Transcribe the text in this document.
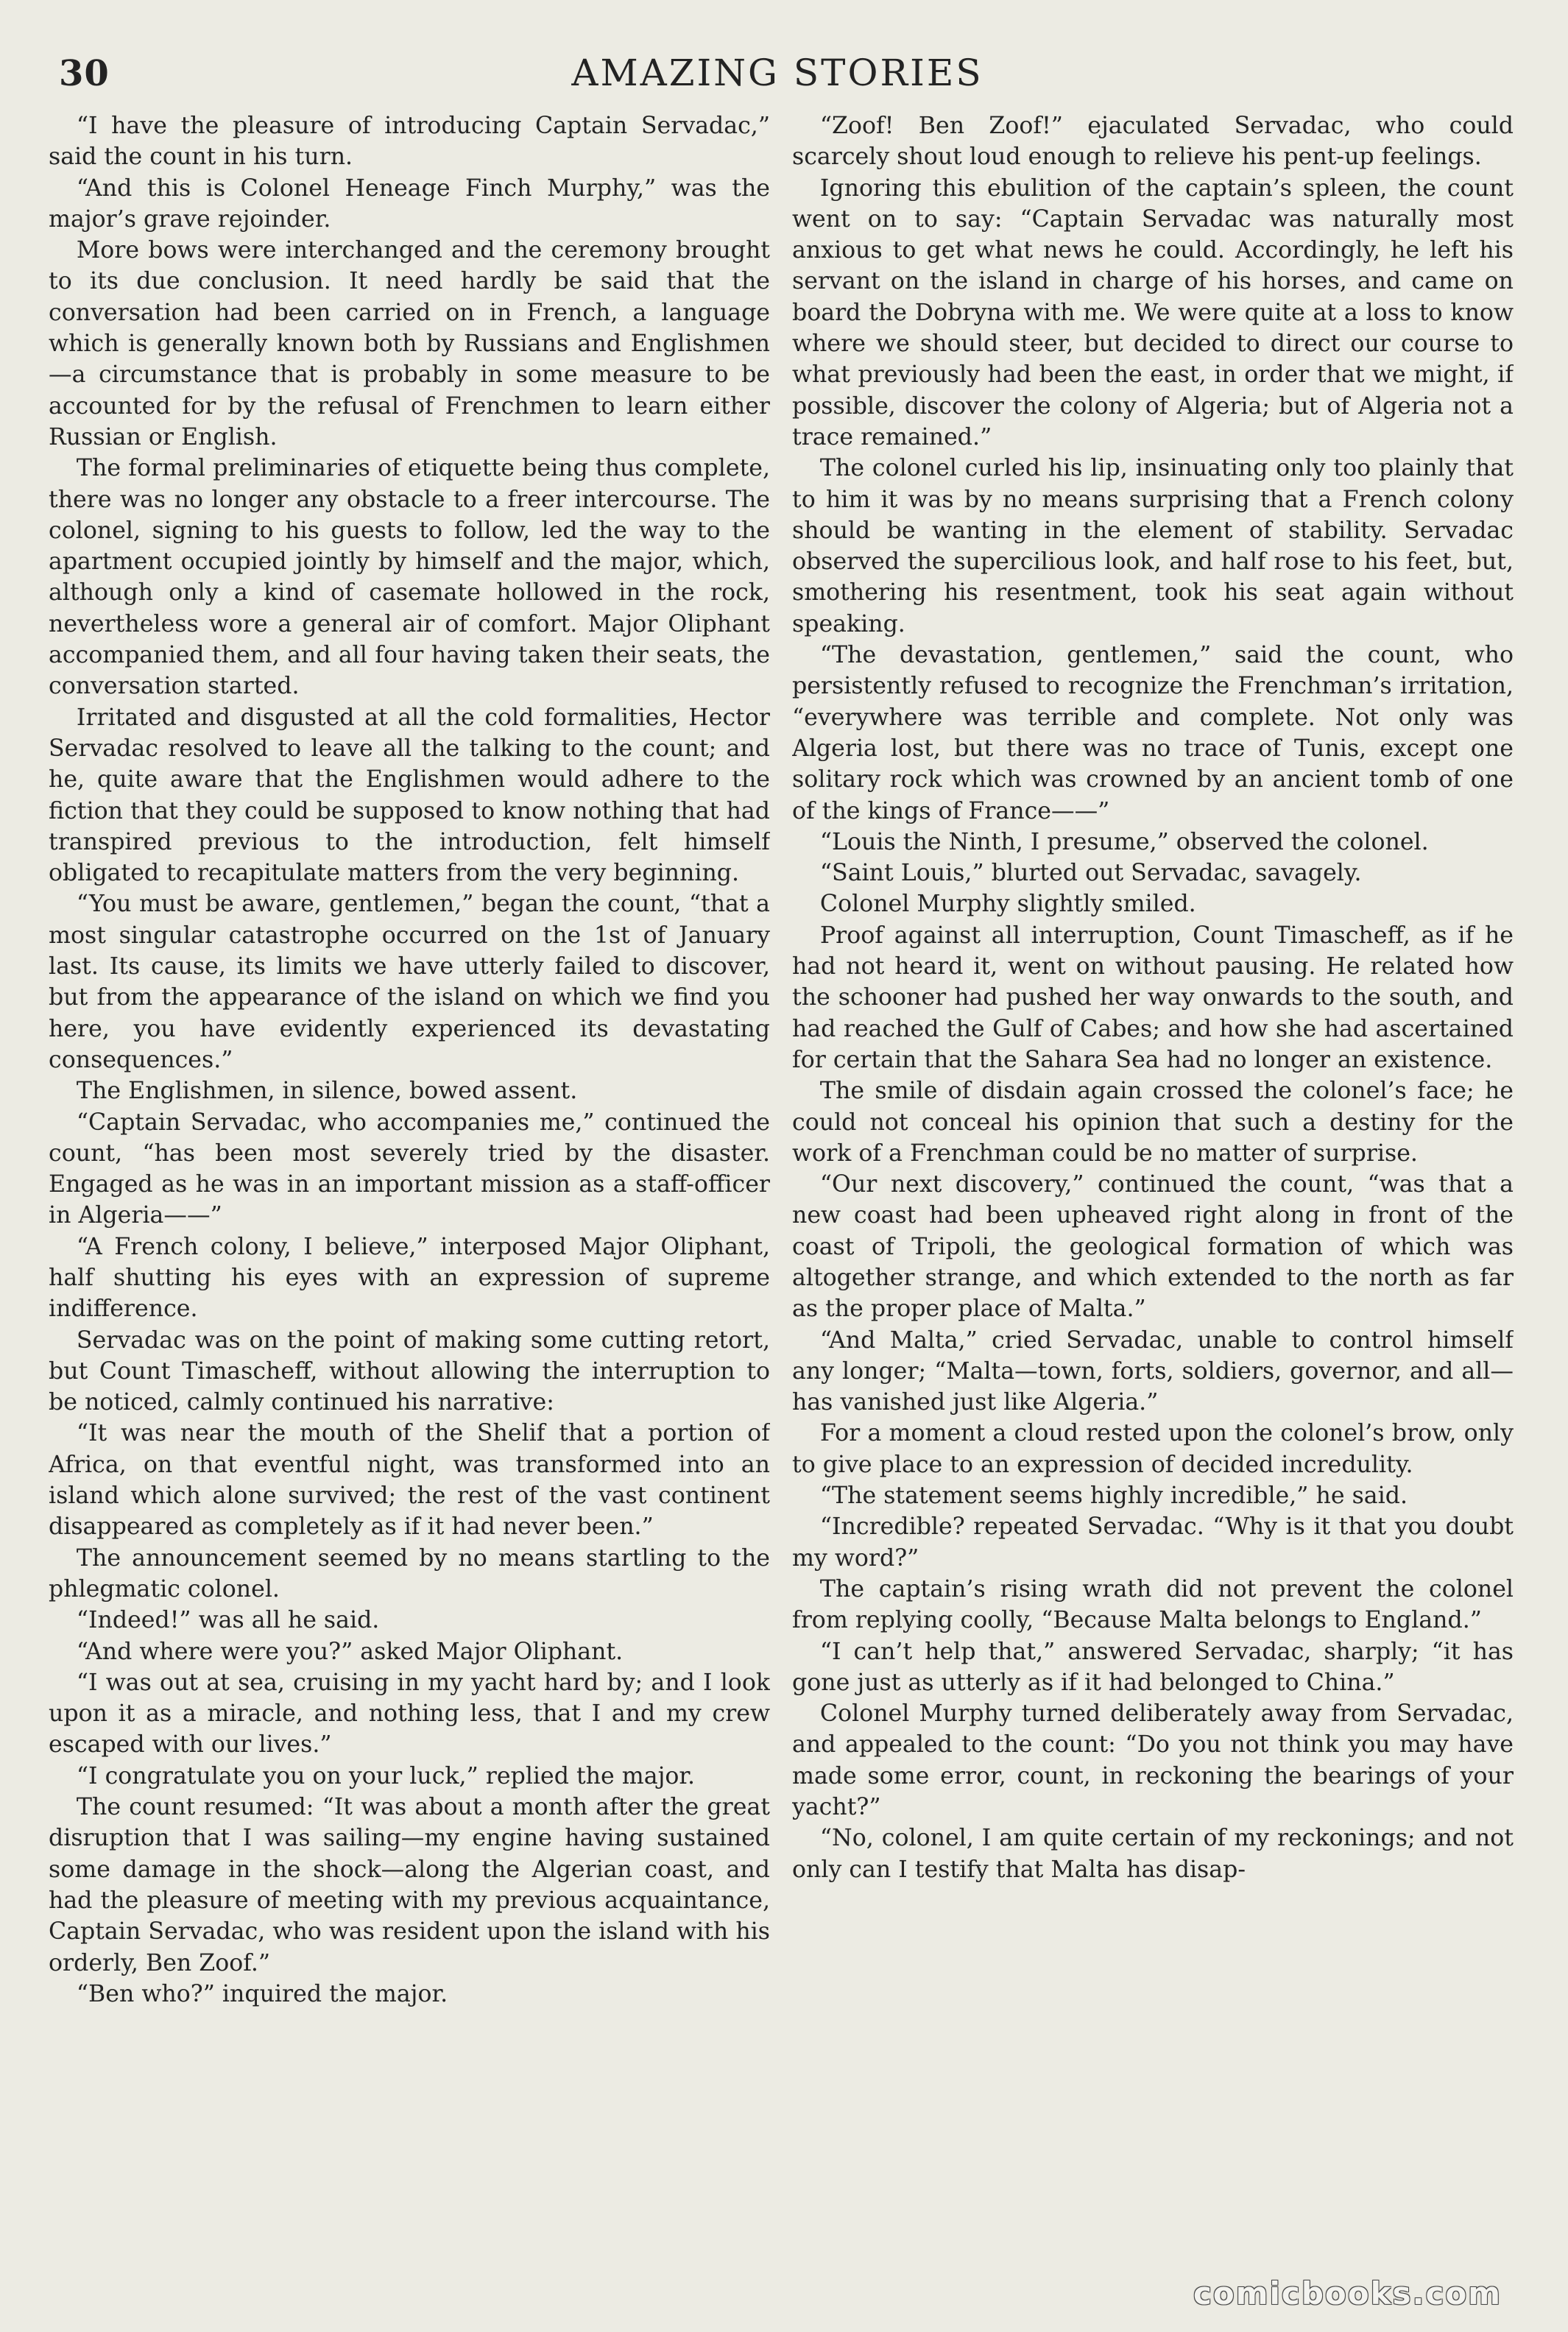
30	AMAZING STORIES

“I have the pleasure of introducing Captain Servadac,” said the count in his turn.

“And this is Colonel Heneage Finch Murphy,” was the major’s grave rejoinder.

More bows were interchanged and the ceremony brought to its due conclusion. It need hardly be said that the conversation had been carried on in French, a language which is generally known both by Russians and Englishmen—a circumstance that is probably in some measure to be accounted for by the refusal of Frenchmen to learn either Russian or English.

The formal preliminaries of etiquette being thus complete, there was no longer any obstacle to a freer intercourse. The colonel, signing to his guests to follow, led the way to the apartment occupied jointly by himself and the major, which, although only a kind of casemate hollowed in the rock, nevertheless wore a general air of comfort. Major Oliphant accompanied them, and all four having taken their seats, the conversation started.

Irritated and disgusted at all the cold formalities, Hector Servadac resolved to leave all the talking to the count; and he, quite aware that the Englishmen would adhere to the fiction that they could be supposed to know nothing that had transpired previous to the introduction, felt himself obligated to recapitulate matters from the very beginning.

“You must be aware, gentlemen,” began the count, “that a most singular catastrophe occurred on the 1st of January last. Its cause, its limits we have utterly failed to discover, but from the appearance of the island on which we find you here, you have evidently experienced its devastating consequences.”

The Englishmen, in silence, bowed assent.

“Captain Servadac, who accompanies me,” continued the count, “has been most severely tried by the disaster. Engaged as he was in an important mission as a staff-officer in Algeria——”

“A French colony, I believe,” interposed Major Oliphant, half shutting his eyes with an expression of supreme indifference.

Servadac was on the point of making some cutting retort, but Count Timascheff, without allowing the interruption to be noticed, calmly continued his narrative:

“It was near the mouth of the Shelif that a portion of Africa, on that eventful night, was transformed into an island which alone survived; the rest of the vast continent disappeared as completely as if it had never been.”

The announcement seemed by no means startling to the phlegmatic colonel.

“Indeed!” was all he said.

“And where were you?” asked Major Oliphant.

“I was out at sea, cruising in my yacht hard by; and I look upon it as a miracle, and nothing less, that I and my crew escaped with our lives.”

“I congratulate you on your luck,” replied the major.

The count resumed: “It was about a month after the great disruption that I was sailing—my engine having sustained some damage in the shock—along the Algerian coast, and had the pleasure of meeting with my previous acquaintance, Captain Servadac, who was resident upon the island with his orderly, Ben Zoof.”

“Ben who?” inquired the major.

“Zoof! Ben Zoof!” ejaculated Servadac, who could scarcely shout loud enough to relieve his pent-up feelings.

Ignoring this ebulition of the captain’s spleen, the count went on to say: “Captain Servadac was naturally most anxious to get what news he could. Accordingly, he left his servant on the island in charge of his horses, and came on board the Dobryna with me. We were quite at a loss to know where we should steer, but decided to direct our course to what previously had been the east, in order that we might, if possible, discover the colony of Algeria; but of Algeria not a trace remained.”

The colonel curled his lip, insinuating only too plainly that to him it was by no means surprising that a French colony should be wanting in the element of stability. Servadac observed the supercilious look, and half rose to his feet, but, smothering his resentment, took his seat again without speaking.

“The devastation, gentlemen,” said the count, who persistently refused to recognize the Frenchman’s irritation, “everywhere was terrible and complete. Not only was Algeria lost, but there was no trace of Tunis, except one solitary rock which was crowned by an ancient tomb of one of the kings of France——”

“Louis the Ninth, I presume,” observed the colonel.

“Saint Louis,” blurted out Servadac, savagely.

Colonel Murphy slightly smiled.

Proof against all interruption, Count Timascheff, as if he had not heard it, went on without pausing. He related how the schooner had pushed her way onwards to the south, and had reached the Gulf of Cabes; and how she had ascertained for certain that the Sahara Sea had no longer an existence.

The smile of disdain again crossed the colonel’s face; he could not conceal his opinion that such a destiny for the work of a Frenchman could be no matter of surprise.

“Our next discovery,” continued the count, “was that a new coast had been upheaved right along in front of the coast of Tripoli, the geological formation of which was altogether strange, and which extended to the north as far as the proper place of Malta.”

“And Malta,” cried Servadac, unable to control himself any longer; “Malta—town, forts, soldiers, governor, and all—has vanished just like Algeria.”

For a moment a cloud rested upon the colonel’s brow, only to give place to an expression of decided incredulity.

“The statement seems highly incredible,” he said.

“Incredible? repeated Servadac. “Why is it that you doubt my word?”

The captain’s rising wrath did not prevent the colonel from replying coolly, “Because Malta belongs to England.”

“I can’t help that,” answered Servadac, sharply; “it has gone just as utterly as if it had belonged to China.”

Colonel Murphy turned deliberately away from Servadac, and appealed to the count: “Do you not think you may have made some error, count, in reckoning the bearings of your yacht?”

“No, colonel, I am quite certain of my reckonings; and not only can I testify that Malta has disap-

comicbooks.com
